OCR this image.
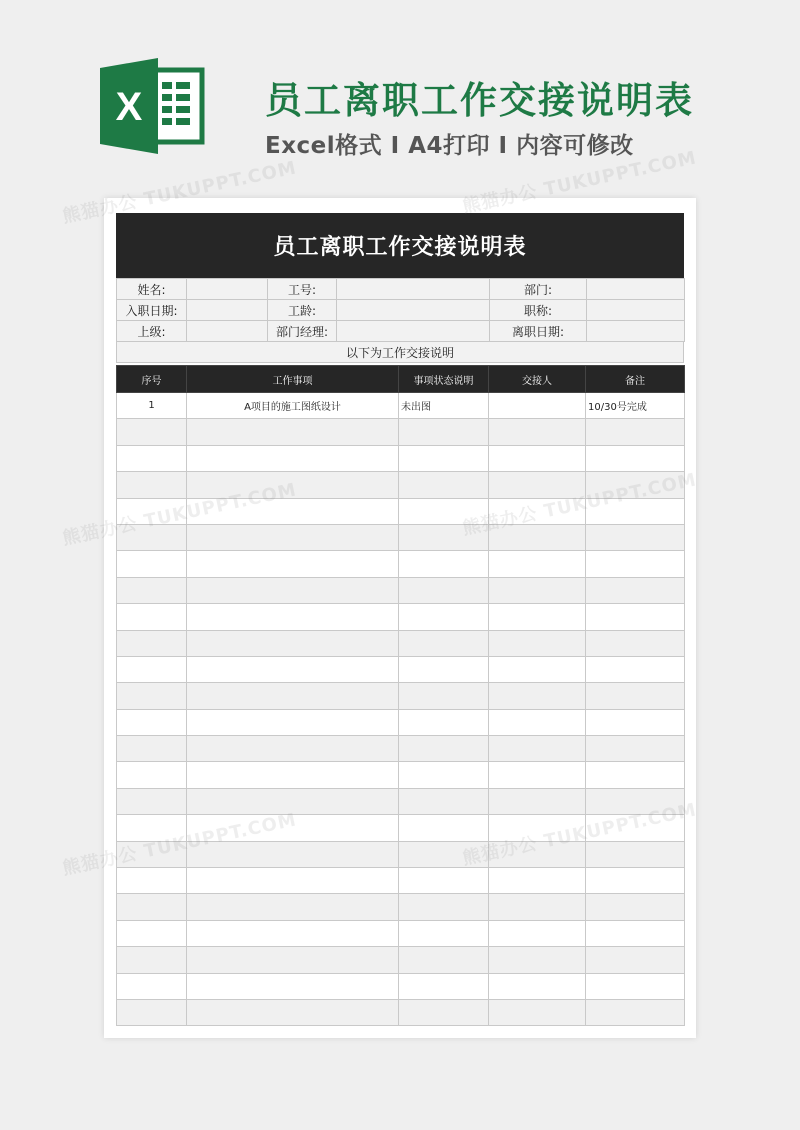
X	员工离职工作交接说明表
Excel格式 I A4打印 I 内容可修改
员工离职工作交接说明表
姓名:		工号:		部门:	
入职日期:		工龄:		职称:	
上级:		部门经理:		离职日期:	
以下为工作交接说明
序号	工作事项	事项状态说明	交接人	备注
1	A项目的施工图纸设计	未出图		10/30号完成

熊猫办公 TUKUPPT.COM	熊猫办公 TUKUPPT.COM
熊猫办公
熊猫办公
